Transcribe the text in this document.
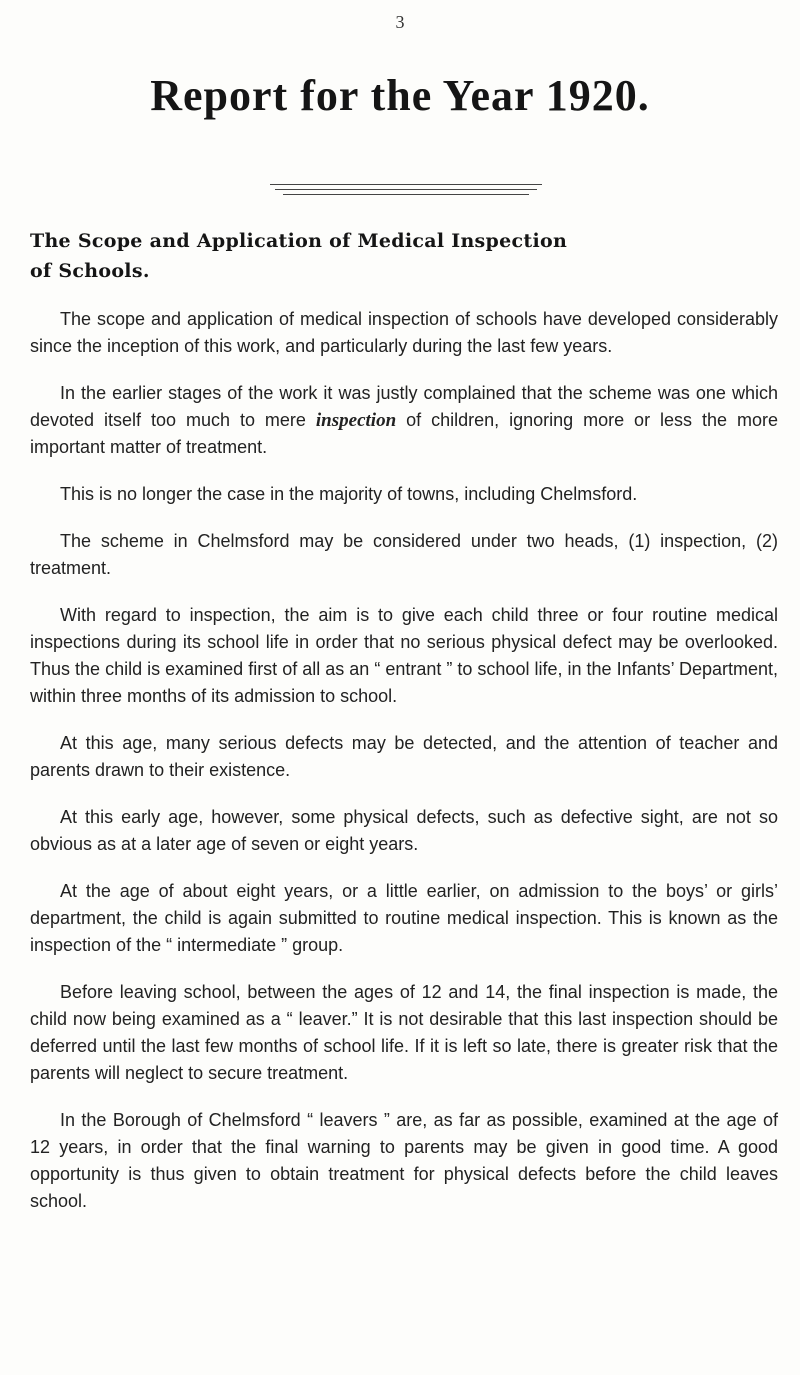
3
Report for the Year 1920.
The Scope and Application of Medical Inspection
of Schools.

The scope and application of medical inspection of schools have developed considerably since the inception of this work, and particularly during the last few years.

In the earlier stages of the work it was justly complained that the scheme was one which devoted itself too much to mere inspection of children, ignoring more or less the more important matter of treatment.

This is no longer the case in the majority of towns, including Chelmsford.

The scheme in Chelmsford may be considered under two heads, (1) inspection, (2) treatment.

With regard to inspection, the aim is to give each child three or four routine medical inspections during its school life in order that no serious physical defect may be overlooked. Thus the child is examined first of all as an “ entrant ” to school life, in the Infants’ Department, within three months of its admission to school.

At this age, many serious defects may be detected, and the attention of teacher and parents drawn to their existence.

At this early age, however, some physical defects, such as defective sight, are not so obvious as at a later age of seven or eight years.

At the age of about eight years, or a little earlier, on admission to the boys’ or girls’ department, the child is again submitted to routine medical inspection. This is known as the inspection of the “ intermediate ” group.

Before leaving school, between the ages of 12 and 14, the final inspection is made, the child now being examined as a “ leaver.” It is not desirable that this last inspection should be deferred until the last few months of school life. If it is left so late, there is greater risk that the parents will neglect to secure treatment.

In the Borough of Chelmsford “ leavers ” are, as far as possible, examined at the age of 12 years, in order that the final warning to parents may be given in good time. A good opportunity is thus given to obtain treatment for physical defects before the child leaves school.
